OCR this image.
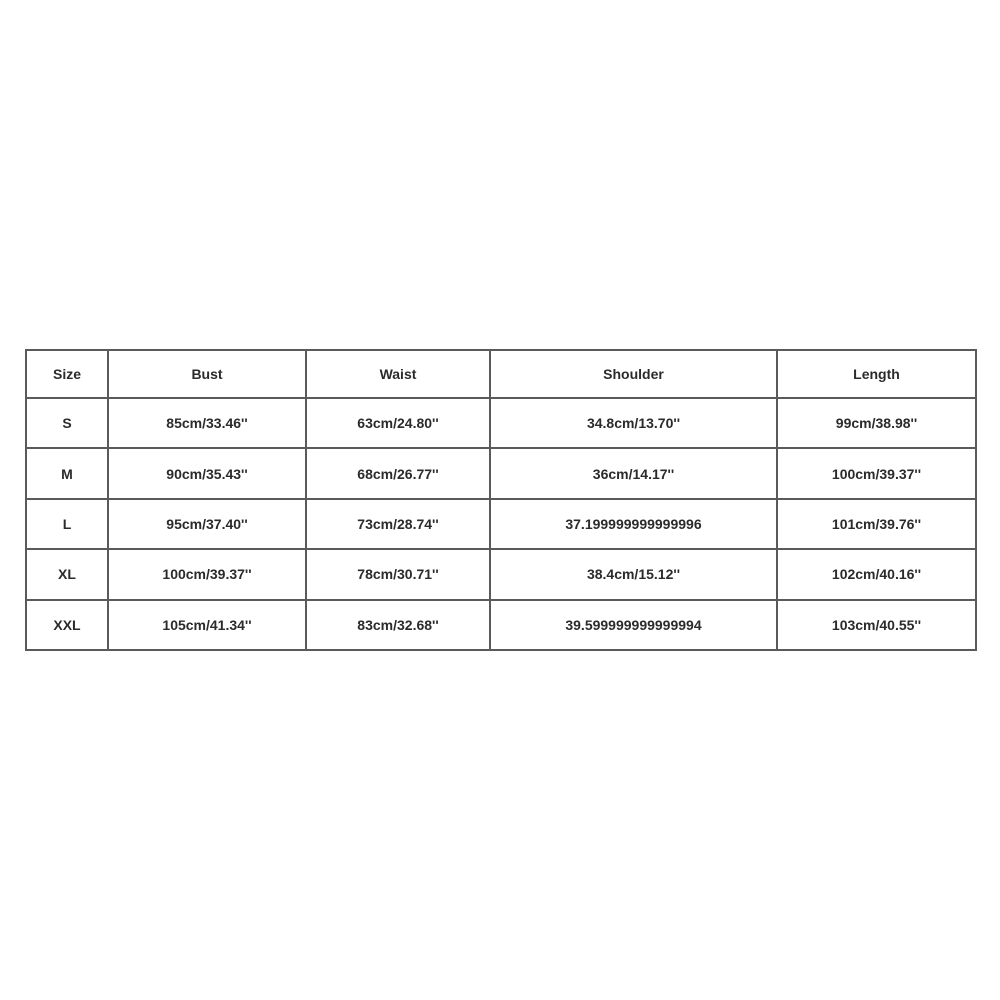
Size	Bust	Waist	Shoulder	Length
S	85cm/33.46''	63cm/24.80''	34.8cm/13.70''	99cm/38.98''
M	90cm/35.43''	68cm/26.77''	36cm/14.17''	100cm/39.37''
L	95cm/37.40''	73cm/28.74''	37.199999999999996	101cm/39.76''
XL	100cm/39.37''	78cm/30.71''	38.4cm/15.12''	102cm/40.16''
XXL	105cm/41.34''	83cm/32.68''	39.599999999999994	103cm/40.55''
